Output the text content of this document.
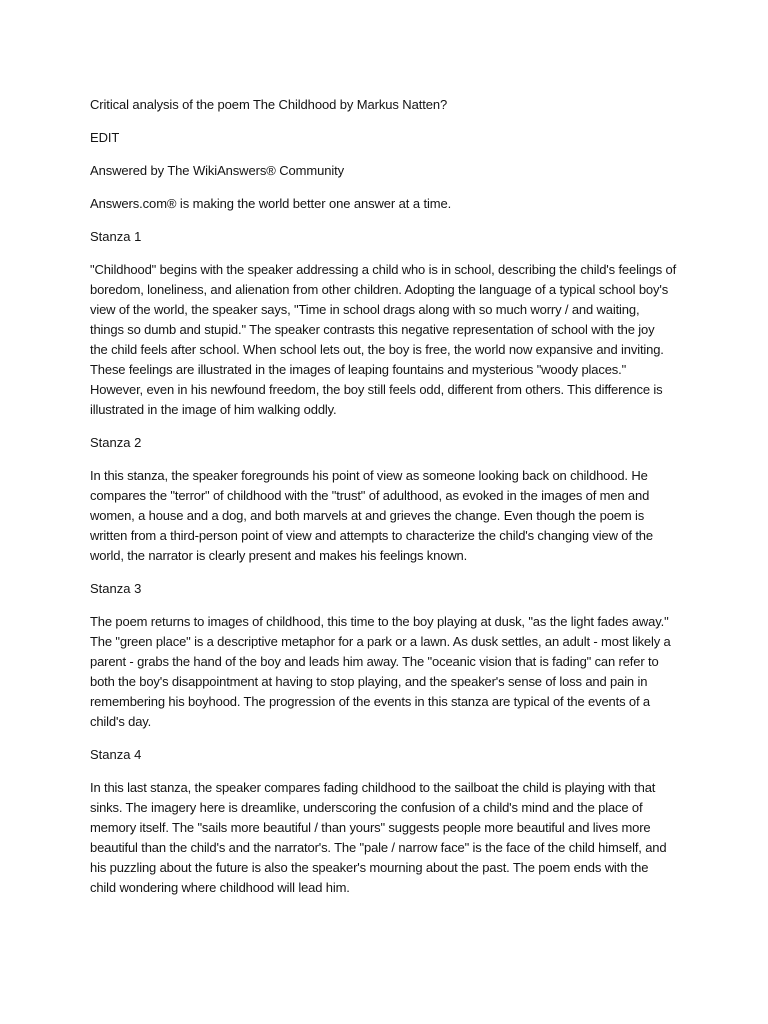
Critical analysis of the poem The Childhood by Markus Natten?

EDIT

Answered by The WikiAnswers® Community

Answers.com® is making the world better one answer at a time.

Stanza 1

"Childhood" begins with the speaker addressing a child who is in school, describing the child's feelings of
boredom, loneliness, and alienation from other children. Adopting the language of a typical school boy's
view of the world, the speaker says, "Time in school drags along with so much worry / and waiting,
things so dumb and stupid." The speaker contrasts this negative representation of school with the joy
the child feels after school. When school lets out, the boy is free, the world now expansive and inviting.
These feelings are illustrated in the images of leaping fountains and mysterious "woody places."
However, even in his newfound freedom, the boy still feels odd, different from others. This difference is
illustrated in the image of him walking oddly.

Stanza 2

In this stanza, the speaker foregrounds his point of view as someone looking back on childhood. He
compares the "terror" of childhood with the "trust" of adulthood, as evoked in the images of men and
women, a house and a dog, and both marvels at and grieves the change. Even though the poem is
written from a third-person point of view and attempts to characterize the child's changing view of the
world, the narrator is clearly present and makes his feelings known.

Stanza 3

The poem returns to images of childhood, this time to the boy playing at dusk, "as the light fades away."
The "green place" is a descriptive metaphor for a park or a lawn. As dusk settles, an adult - most likely a
parent - grabs the hand of the boy and leads him away. The "oceanic vision that is fading" can refer to
both the boy's disappointment at having to stop playing, and the speaker's sense of loss and pain in
remembering his boyhood. The progression of the events in this stanza are typical of the events of a
child's day.

Stanza 4

In this last stanza, the speaker compares fading childhood to the sailboat the child is playing with that
sinks. The imagery here is dreamlike, underscoring the confusion of a child's mind and the place of
memory itself. The "sails more beautiful / than yours" suggests people more beautiful and lives more
beautiful than the child's and the narrator's. The "pale / narrow face" is the face of the child himself, and
his puzzling about the future is also the speaker's mourning about the past. The poem ends with the
child wondering where childhood will lead him.
